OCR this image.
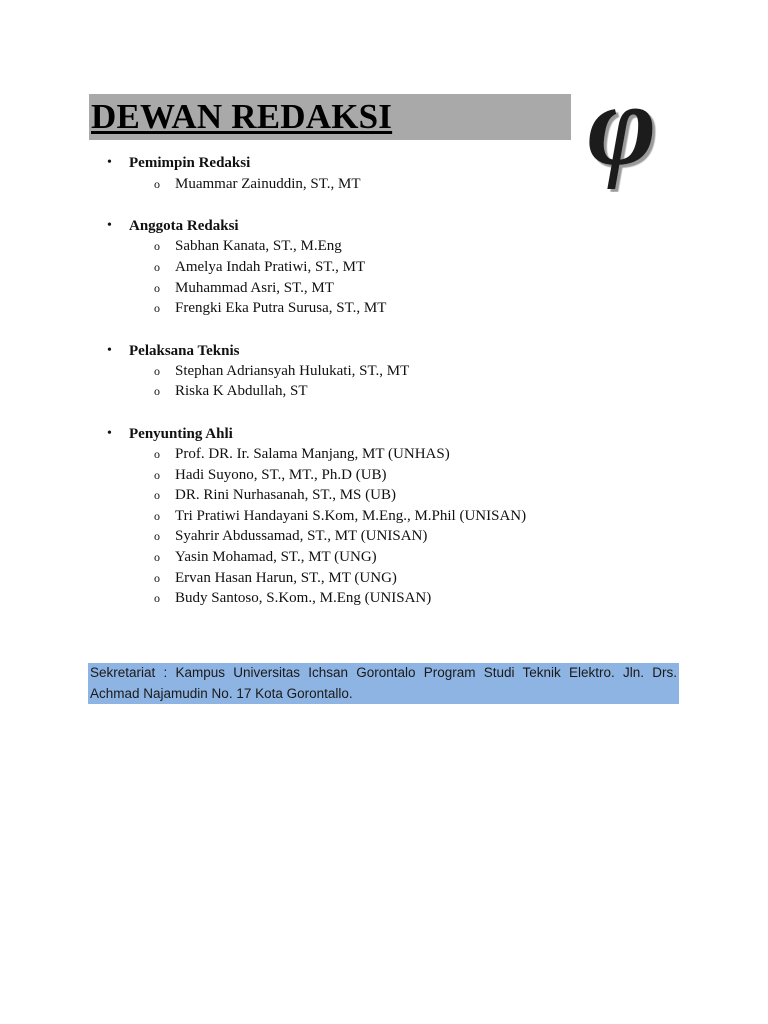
DEWAN REDAKSI φ
• Pemimpin Redaksi
o Muammar Zainuddin, ST., MT
• Anggota Redaksi
o Sabhan Kanata, ST., M.Eng
o Amelya Indah Pratiwi, ST., MT
o Muhammad Asri, ST., MT
o Frengki Eka Putra Surusa, ST., MT
• Pelaksana Teknis
o Stephan Adriansyah Hulukati, ST., MT
o Riska K Abdullah, ST
• Penyunting Ahli
o Prof. DR. Ir. Salama Manjang, MT (UNHAS)
o Hadi Suyono, ST., MT., Ph.D (UB)
o DR. Rini Nurhasanah, ST., MS (UB)
o Tri Pratiwi Handayani S.Kom, M.Eng., M.Phil (UNISAN)
o Syahrir Abdussamad, ST., MT (UNISAN)
o Yasin Mohamad, ST., MT (UNG)
o Ervan Hasan Harun, ST., MT (UNG)
o Budy Santoso, S.Kom., M.Eng (UNISAN)
Sekretariat : Kampus Universitas Ichsan Gorontalo Program Studi Teknik Elektro. Jln. Drs. Achmad Najamudin No. 17 Kota Gorontallo.
